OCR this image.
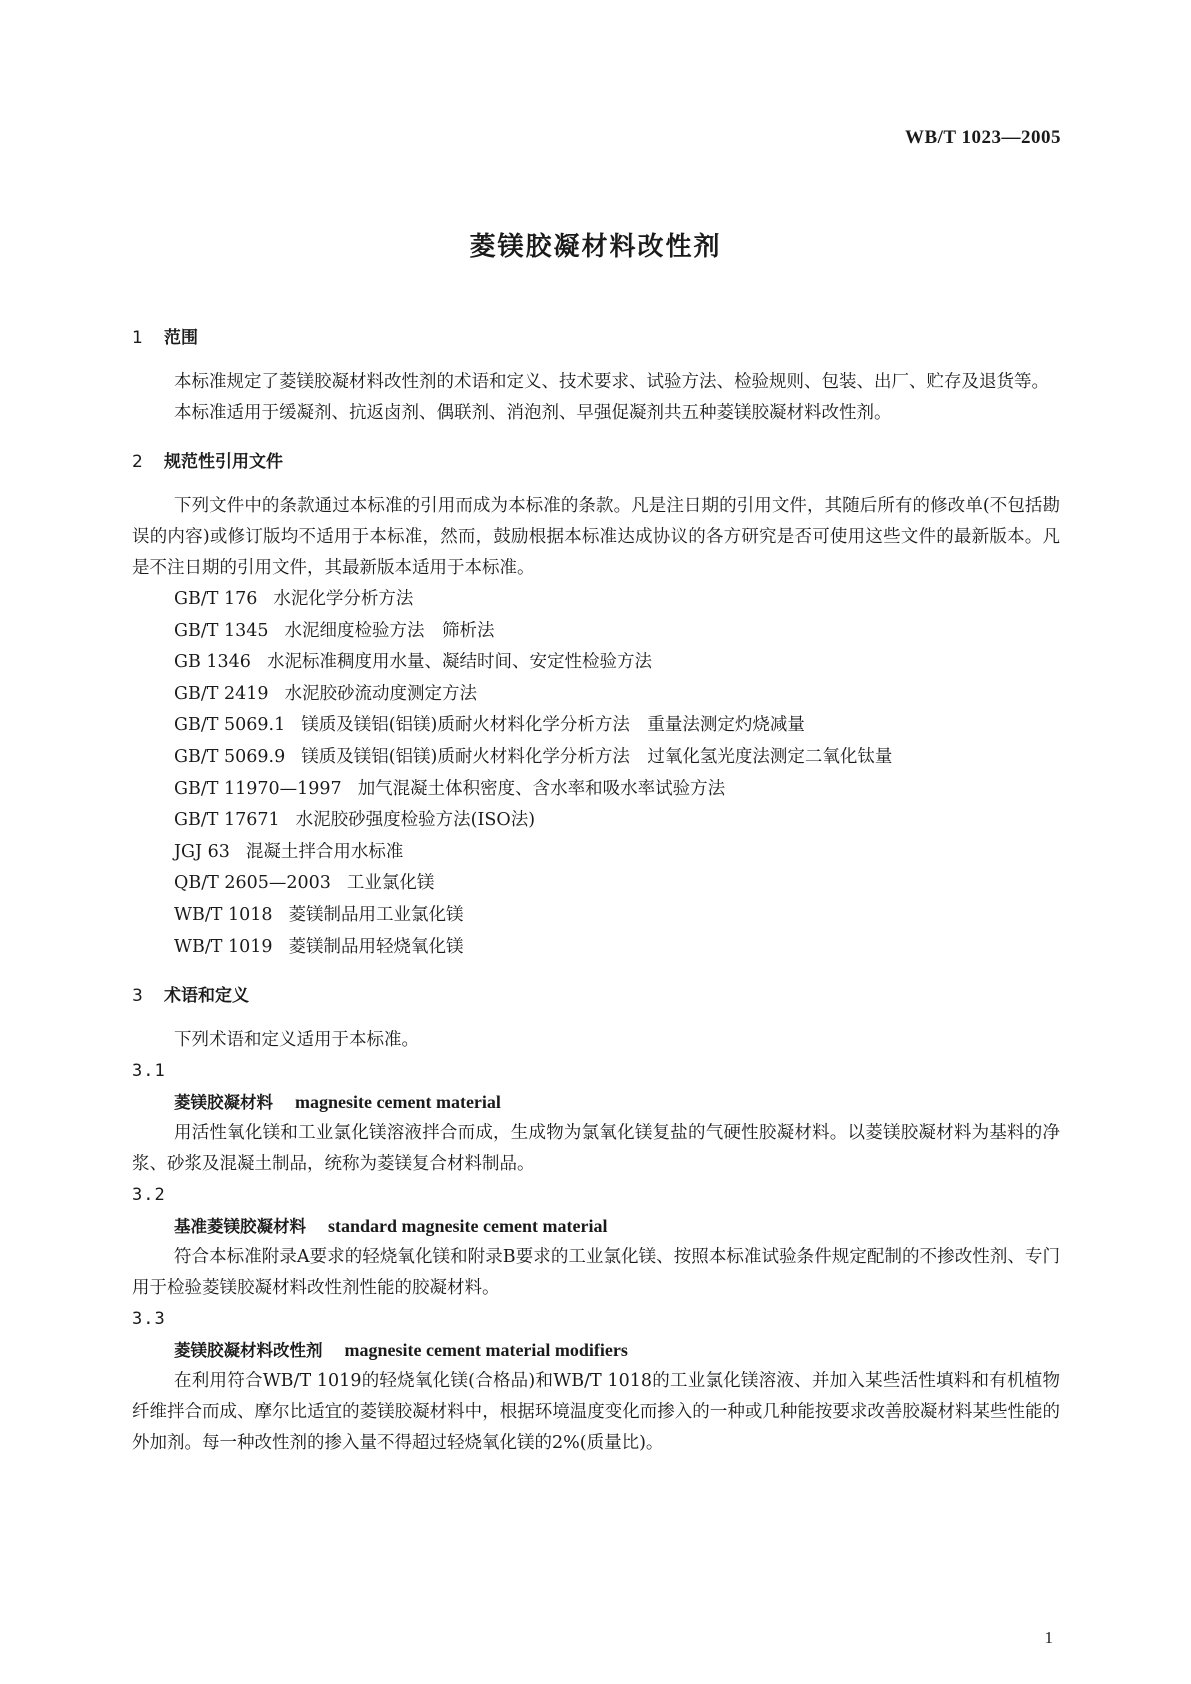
WB/T 1023—2005
菱镁胶凝材料改性剂
1	范围

本标准规定了菱镁胶凝材料改性剂的术语和定义、技术要求、试验方法、检验规则、包装、出厂、贮存及退货等。

本标准适用于缓凝剂、抗返卤剂、偶联剂、消泡剂、早强促凝剂共五种菱镁胶凝材料改性剂。

2	规范性引用文件

下列文件中的条款通过本标准的引用而成为本标准的条款。凡是注日期的引用文件，其随后所有的修改单(不包括勘误的内容)或修订版均不适用于本标准，然而，鼓励根据本标准达成协议的各方研究是否可使用这些文件的最新版本。凡是不注日期的引用文件，其最新版本适用于本标准。

GB/T 176 水泥化学分析方法
GB/T 1345 水泥细度检验方法　筛析法
GB 1346 水泥标准稠度用水量、凝结时间、安定性检验方法
GB/T 2419 水泥胶砂流动度测定方法
GB/T 5069.1 镁质及镁铝(铝镁)质耐火材料化学分析方法　重量法测定灼烧减量
GB/T 5069.9 镁质及镁铝(铝镁)质耐火材料化学分析方法　过氧化氢光度法测定二氧化钛量
GB/T 11970—1997 加气混凝土体积密度、含水率和吸水率试验方法
GB/T 17671 水泥胶砂强度检验方法(ISO法)
JGJ 63 混凝土拌合用水标准
QB/T 2605—2003 工业氯化镁
WB/T 1018 菱镁制品用工业氯化镁
WB/T 1019 菱镁制品用轻烧氧化镁
3	术语和定义

下列术语和定义适用于本标准。

3.1
菱镁胶凝材料 magnesite cement material

用活性氧化镁和工业氯化镁溶液拌合而成，生成物为氯氧化镁复盐的气硬性胶凝材料。以菱镁胶凝材料为基料的净浆、砂浆及混凝土制品，统称为菱镁复合材料制品。

3.2
基准菱镁胶凝材料 standard magnesite cement material

符合本标准附录A要求的轻烧氧化镁和附录B要求的工业氯化镁、按照本标准试验条件规定配制的不掺改性剂、专门用于检验菱镁胶凝材料改性剂性能的胶凝材料。

3.3
菱镁胶凝材料改性剂 magnesite cement material modifiers

在利用符合WB/T 1019的轻烧氧化镁(合格品)和WB/T 1018的工业氯化镁溶液、并加入某些活性填料和有机植物纤维拌合而成、摩尔比适宜的菱镁胶凝材料中，根据环境温度变化而掺入的一种或几种能按要求改善胶凝材料某些性能的外加剂。每一种改性剂的掺入量不得超过轻烧氧化镁的2%(质量比)。

1
